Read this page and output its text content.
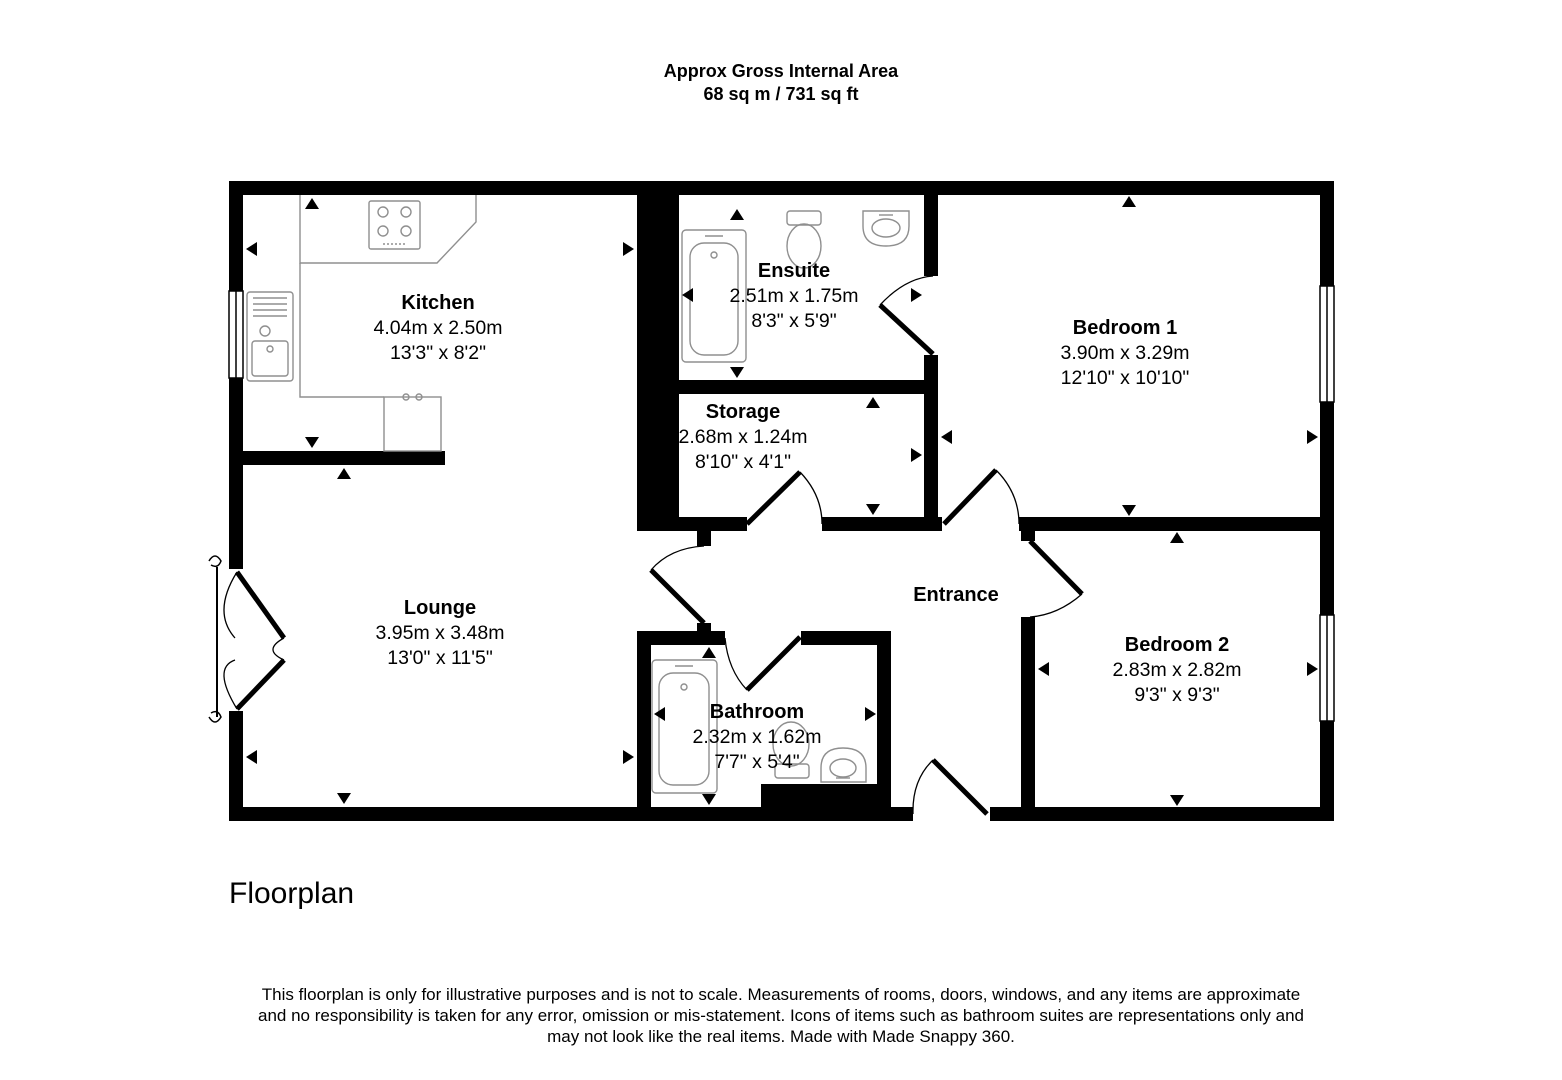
Approx Gross Internal Area
68 sq m / 731 sq ft
Kitchen
4.04m x 2.50m
13'3" x 8'2"
Ensuite
2.51m x 1.75m
8'3" x 5'9"	Bedroom 1
3.90m x 3.29m
12'10" x 10'10"
Storage
2.68m x 1.24m
8'10" x 4'1"
Lounge
3.95m x 3.48m
13'0" x 11'5"
Entrance
Bedroom 2
2.83m x 2.82m
9'3" x 9'3"
Bathroom
2.32m x 1.62m
7'7" x 5'4"
Floorplan
This floorplan is only for illustrative purposes and is not to scale. Measurements of rooms, doors, windows, and any items are approximate
and no responsibility is taken for any error, omission or mis-statement. Icons of items such as bathroom suites are representations only and
may not look like the real items. Made with Made Snappy 360.
